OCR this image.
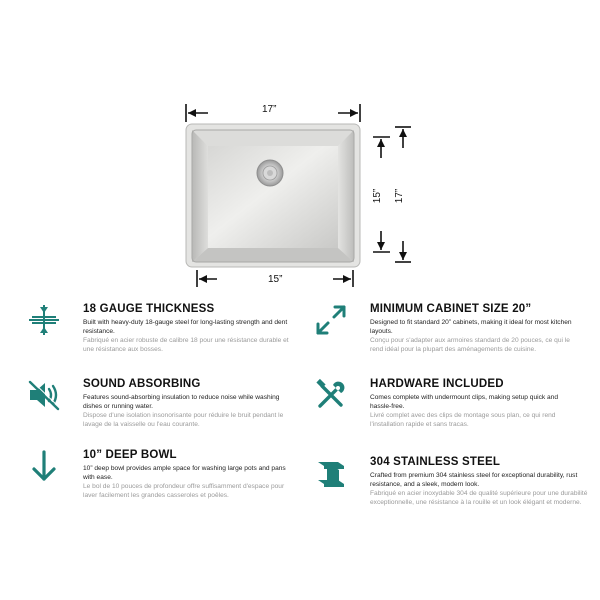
17”
15”
15” 17”

18 GAUGE THICKNESS

Built with heavy-duty 18-gauge steel for long-lasting strength and dent resistance.

Fabriqué en acier robuste de calibre 18 pour une résistance durable et une résistance aux bosses.

SOUND ABSORBING

Features sound-absorbing insulation to reduce noise while washing dishes or running water.

Dispose d'une isolation insonorisante pour réduire le bruit pendant le lavage de la vaisselle ou l'eau courante.

10” DEEP BOWL

10” deep bowl provides ample space for washing large pots and pans with ease.

Le bol de 10 pouces de profondeur offre suffisamment d'espace pour laver facilement les grandes casseroles et poêles.

MINIMUM CABINET SIZE 20”

Designed to fit standard 20” cabinets, making it ideal for most kitchen layouts.

Conçu pour s'adapter aux armoires standard de 20 pouces, ce qui le rend idéal pour la plupart des aménagements de cuisine.

HARDWARE INCLUDED

Comes complete with undermount clips, making setup quick and hassle-free.

Livré complet avec des clips de montage sous plan, ce qui rend l'installation rapide et sans tracas.

304 STAINLESS STEEL

Crafted from premium 304 stainless steel for exceptional durability, rust resistance, and a sleek, modern look.

Fabriqué en acier inoxydable 304 de qualité supérieure pour une durabilité exceptionnelle, une résistance à la rouille et un look élégant et moderne.
